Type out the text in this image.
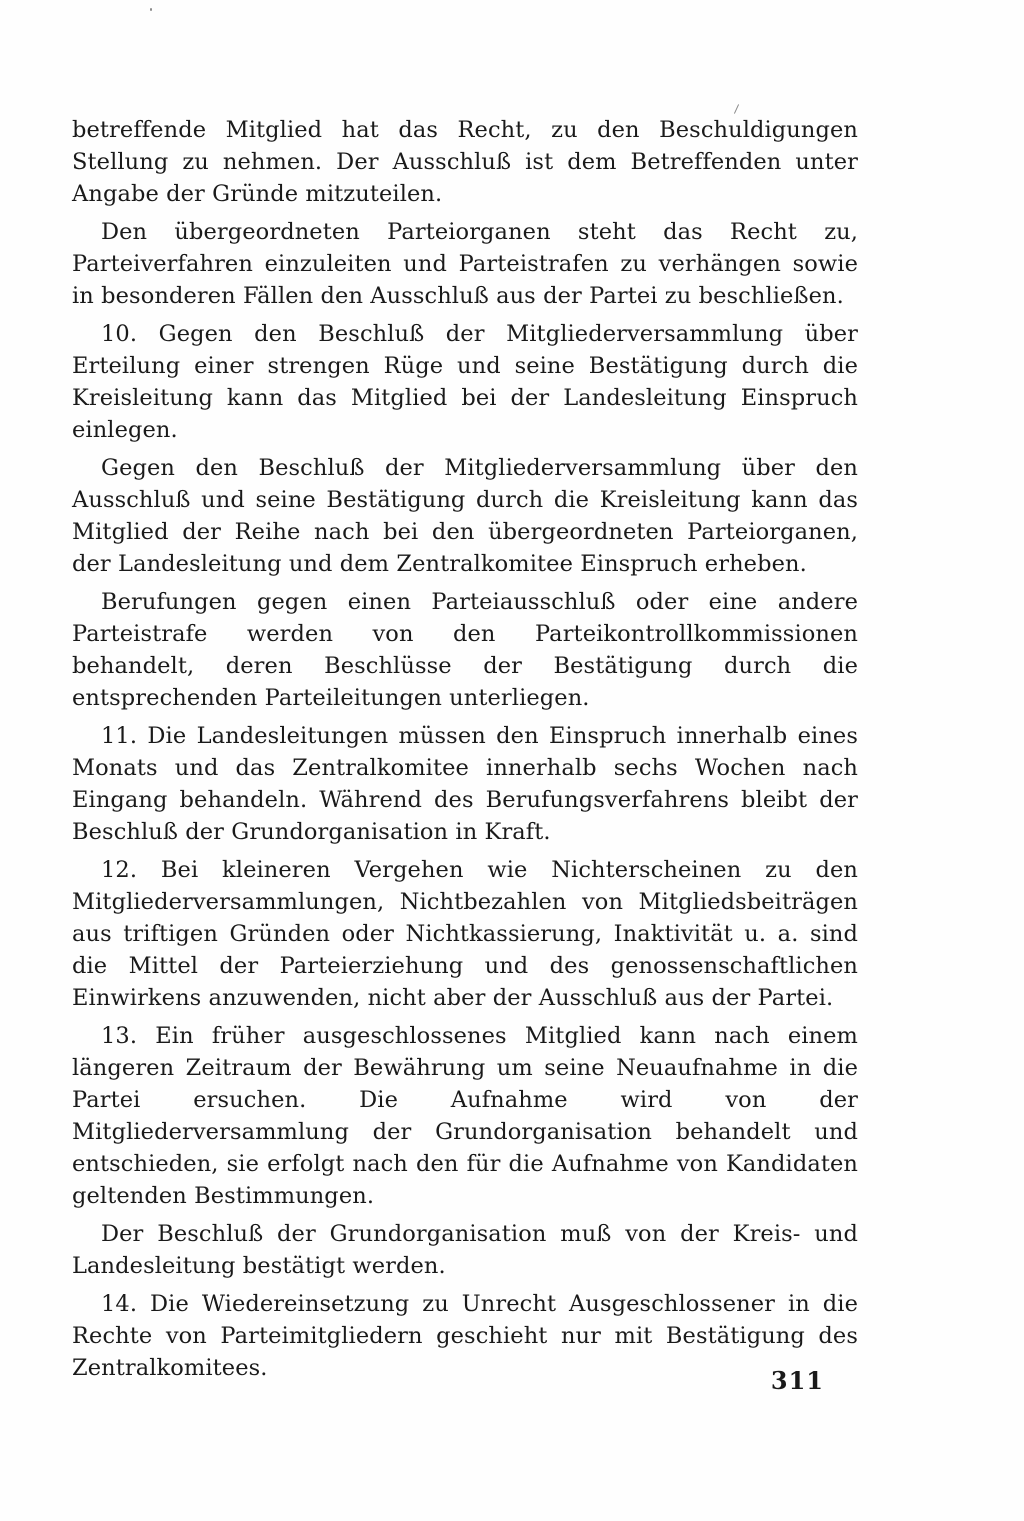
betreffende Mitglied hat das Recht, zu den Beschuldigungen Stellung zu nehmen. Der Ausschluß ist dem Betreffenden unter Angabe der Gründe mitzuteilen.

Den übergeordneten Parteiorganen steht das Recht zu, Parteiverfahren einzuleiten und Parteistrafen zu verhängen sowie in besonderen Fällen den Ausschluß aus der Partei zu beschließen.

10. Gegen den Beschluß der Mitgliederversammlung über Erteilung einer strengen Rüge und seine Bestätigung durch die Kreisleitung kann das Mitglied bei der Landesleitung Einspruch einlegen.

Gegen den Beschluß der Mitgliederversammlung über den Ausschluß und seine Bestätigung durch die Kreisleitung kann das Mitglied der Reihe nach bei den übergeordneten Parteiorganen, der Landesleitung und dem Zentralkomitee Einspruch erheben.

Berufungen gegen einen Parteiausschluß oder eine andere Parteistrafe werden von den Parteikontrollkommissionen behandelt, deren Beschlüsse der Bestätigung durch die entsprechenden Parteileitungen unterliegen.

11. Die Landesleitungen müssen den Einspruch innerhalb eines Monats und das Zentralkomitee innerhalb sechs Wochen nach Eingang behandeln. Während des Berufungsverfahrens bleibt der Beschluß der Grundorganisation in Kraft.

12. Bei kleineren Vergehen wie Nichterscheinen zu den Mitgliederversammlungen, Nichtbezahlen von Mitgliedsbeiträgen aus triftigen Gründen oder Nichtkassierung, Inaktivität u. a. sind die Mittel der Parteierziehung und des genossenschaftlichen Einwirkens anzuwenden, nicht aber der Ausschluß aus der Partei.

13. Ein früher ausgeschlossenes Mitglied kann nach einem längeren Zeitraum der Bewährung um seine Neuaufnahme in die Partei ersuchen. Die Aufnahme wird von der Mitgliederversammlung der Grundorganisation behandelt und entschieden, sie erfolgt nach den für die Aufnahme von Kandidaten geltenden Bestimmungen.

Der Beschluß der Grundorganisation muß von der Kreis- und Landesleitung bestätigt werden.

14. Die Wiedereinsetzung zu Unrecht Ausgeschlossener in die Rechte von Parteimitgliedern geschieht nur mit Bestätigung des Zentralkomitees.	311
